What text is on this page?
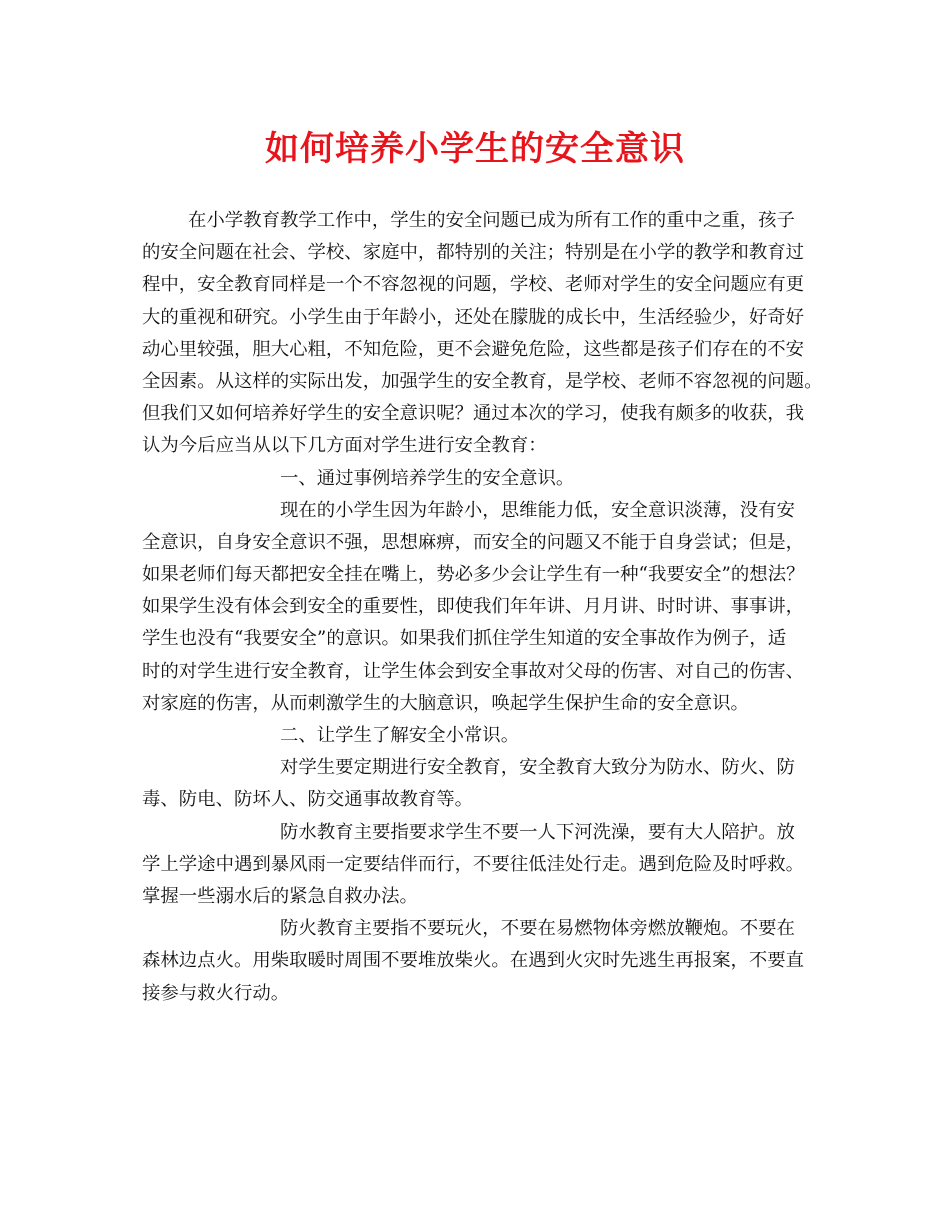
如何培养小学生的安全意识
在小学教育教学工作中，学生的安全问题已成为所有工作的重中之重，孩子
的安全问题在社会、学校、家庭中，都特别的关注；特别是在小学的教学和教育过
程中，安全教育同样是一个不容忽视的问题，学校、老师对学生的安全问题应有更
大的重视和研究。小学生由于年龄小，还处在朦胧的成长中，生活经验少，好奇好
动心里较强，胆大心粗，不知危险，更不会避免危险，这些都是孩子们存在的不安
全因素。从这样的实际出发，加强学生的安全教育，是学校、老师不容忽视的问题。
但我们又如何培养好学生的安全意识呢？通过本次的学习，使我有颇多的收获，我
认为今后应当从以下几方面对学生进行安全教育：
一、通过事例培养学生的安全意识。
现在的小学生因为年龄小，思维能力低，安全意识淡薄，没有安
全意识，自身安全意识不强，思想麻痹，而安全的问题又不能于自身尝试；但是，
如果老师们每天都把安全挂在嘴上，势必多少会让学生有一种“我要安全”的想法？
如果学生没有体会到安全的重要性，即使我们年年讲、月月讲、时时讲、事事讲，
学生也没有“我要安全”的意识。如果我们抓住学生知道的安全事故作为例子，适
时的对学生进行安全教育，让学生体会到安全事故对父母的伤害、对自己的伤害、
对家庭的伤害，从而刺激学生的大脑意识，唤起学生保护生命的安全意识。
二、让学生了解安全小常识。
对学生要定期进行安全教育，安全教育大致分为防水、防火、防
毒、防电、防坏人、防交通事故教育等。
防水教育主要指要求学生不要一人下河洗澡，要有大人陪护。放
学上学途中遇到暴风雨一定要结伴而行，不要往低洼处行走。遇到危险及时呼救。
掌握一些溺水后的紧急自救办法。
防火教育主要指不要玩火，不要在易燃物体旁燃放鞭炮。不要在
森林边点火。用柴取暖时周围不要堆放柴火。在遇到火灾时先逃生再报案，不要直
接参与救火行动。
